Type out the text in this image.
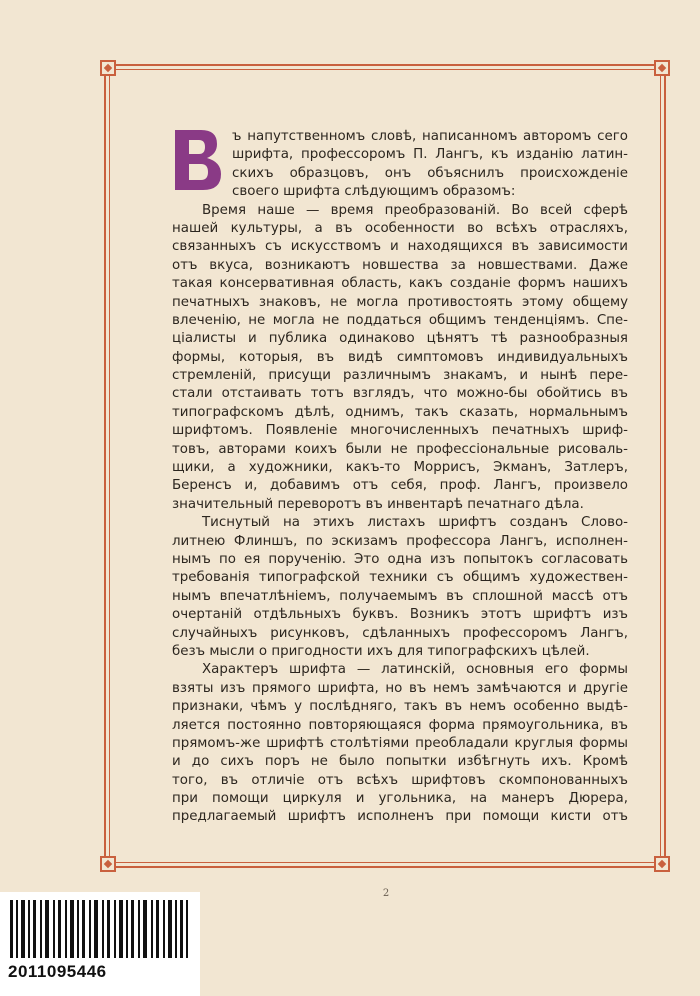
ъ напутственномъ словѣ, написанномъ авторомъ сего
шрифта, профессоромъ П. Лангъ, къ изданію латин-
скихъ образцовъ, онъ объяснилъ происхожденіе
своего шрифта слѣдующимъ образомъ:
Время наше — время преобразованій. Во всей сферѣ
нашей культуры, а въ особенности во всѣхъ отрасляхъ,
связанныхъ съ искусствомъ и находящихся въ зависимости
отъ вкуса, возникаютъ новшества за новшествами. Даже
такая консервативная область, какъ созданіе формъ нашихъ
печатныхъ знаковъ, не могла противостоять этому общему
влеченію, не могла не поддаться общимъ тенденціямъ. Спе-
ціалисты и публика одинаково цѣнятъ тѣ разнообразныя
формы, которыя, въ видѣ симптомовъ индивидуальныхъ
стремленій, присущи различнымъ знакамъ, и нынѣ пере-
стали отстаивать тотъ взглядъ, что можно-бы обойтись въ
типографскомъ дѣлѣ, однимъ, такъ сказать, нормальнымъ
шрифтомъ. Появленіе многочисленныхъ печатныхъ шриф-
товъ, авторами коихъ были не профессіональные рисоваль-
щики, а художники, какъ-то Моррисъ, Экманъ, Затлеръ,
Беренсъ и, добавимъ отъ себя, проф. Лангъ, произвело
значительный переворотъ въ инвентарѣ печатнаго дѣла.
Тиснутый на этихъ листахъ шрифтъ созданъ Слово-
литнею Флиншъ, по эскизамъ профессора Лангъ, исполнен-
нымъ по ея порученію. Это одна изъ попытокъ согласовать
требованія типографской техники съ общимъ художествен-
нымъ впечатлѣніемъ, получаемымъ въ сплошной массѣ отъ
очертаній отдѣльныхъ буквъ. Возникъ этотъ шрифтъ изъ
случайныхъ рисунковъ, сдѣланныхъ профессоромъ Лангъ,
безъ мысли о пригодности ихъ для типографскихъ цѣлей.
Характеръ шрифта — латинскій, основныя его формы
взяты изъ прямого шрифта, но въ немъ замѣчаются и другіе
признаки, чѣмъ у послѣдняго, такъ въ немъ особенно выдѣ-
ляется постоянно повторяющаяся форма прямоугольника, въ
прямомъ-же шрифтѣ столѣтіями преобладали круглыя формы
и до сихъ поръ не было попытки избѣгнуть ихъ. Кромѣ
того, въ отличіе отъ всѣхъ шрифтовъ скомпонованныхъ
при помощи циркуля и угольника, на манеръ Дюрера,
предлагаемый шрифтъ исполненъ при помощи кисти отъ
2
2011095446
